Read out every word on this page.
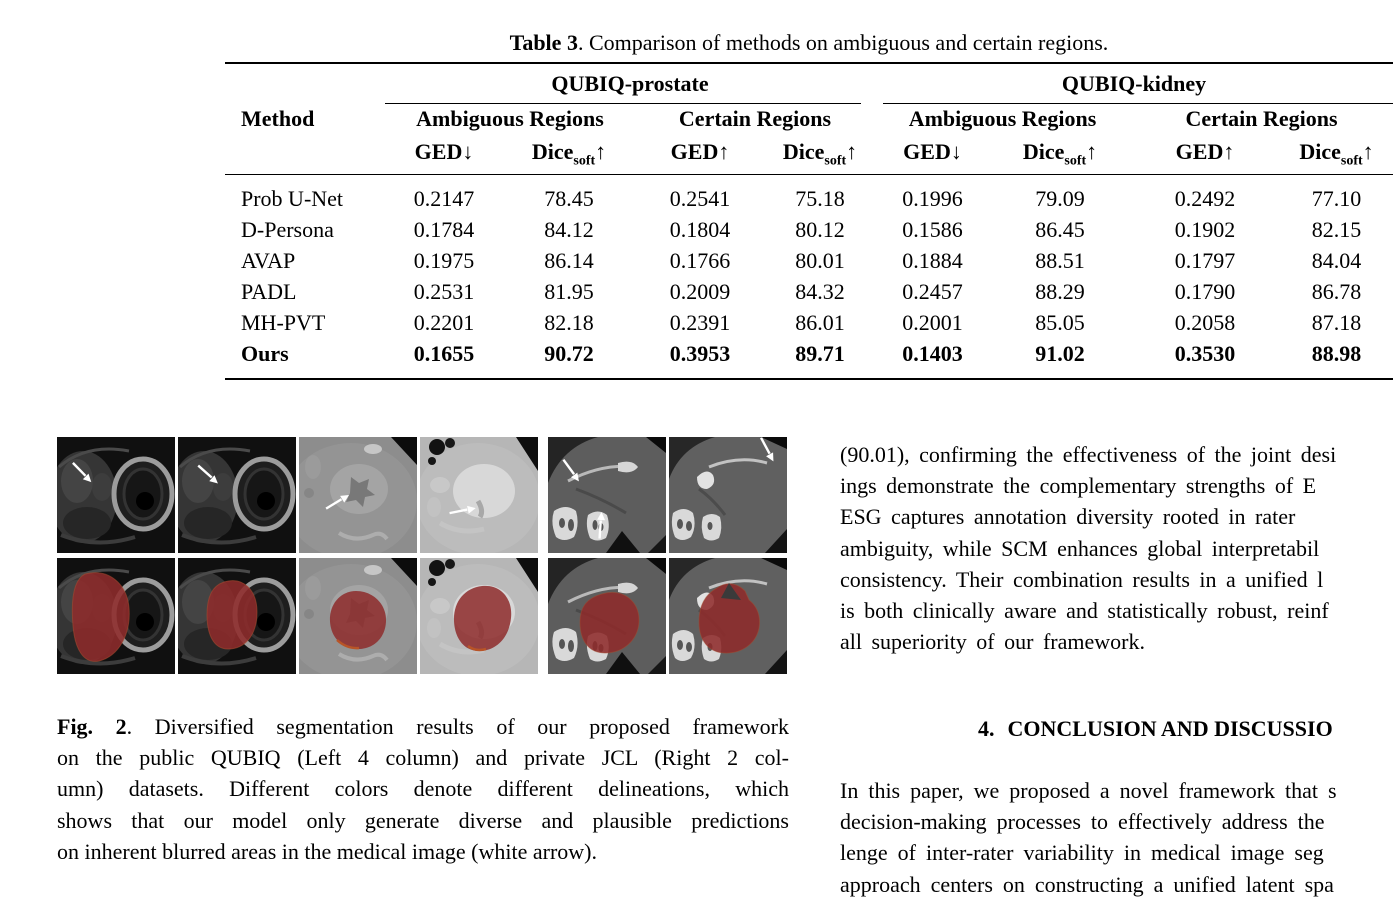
Table 3. Comparison of methods on ambiguous and certain regions.
Method	QUBIQ-prostate				QUBIQ-kidney			
	Ambiguous Regions		Certain Regions		Ambiguous Regions		Certain Regions	
	GED↓	Dice$_{soft}$↑	GED↑	Dice$_{soft}$↑	GED↓	Dice$_{soft}$↑	GED↑	Dice$_{soft}$↑
Prob U-Net	0.2147	78.45	0.2541	75.18	0.1996	79.09	0.2492	77.10
D-Persona	0.1784	84.12	0.1804	80.12	0.1586	86.45	0.1902	82.15
AVAP	0.1975	86.14	0.1766	80.01	0.1884	88.51	0.1797	84.04
PADL	0.2531	81.95	0.2009	84.32	0.2457	88.29	0.1790	86.78
MH-PVT	0.2201	82.18	0.2391	86.01	0.2001	85.05	0.2058	87.18
Ours	0.1655	90.72	0.3953	89.71	0.1403	91.02	0.3530	88.98
Fig. 2. Diversified segmentation results of our proposed framework
on the public QUBIQ (Left 4 column) and private JCL (Right 2 col-
umn) datasets. Different colors denote different delineations, which
shows that our model only generate diverse and plausible predictions
on inherent blurred areas in the medical image (white arrow).
(90.01), confirming the effectiveness of the joint desi
ings demonstrate the complementary strengths of E
ESG captures annotation diversity rooted in rater
ambiguity, while SCM enhances global interpretabil
consistency. Their combination results in a unified l
is both clinically aware and statistically robust, reinf
all superiority of our framework.
4. CONCLUSION AND DISCUSSIO
In this paper, we proposed a novel framework that s
decision-making processes to effectively address the
lenge of inter-rater variability in medical image seg
approach centers on constructing a unified latent spa
